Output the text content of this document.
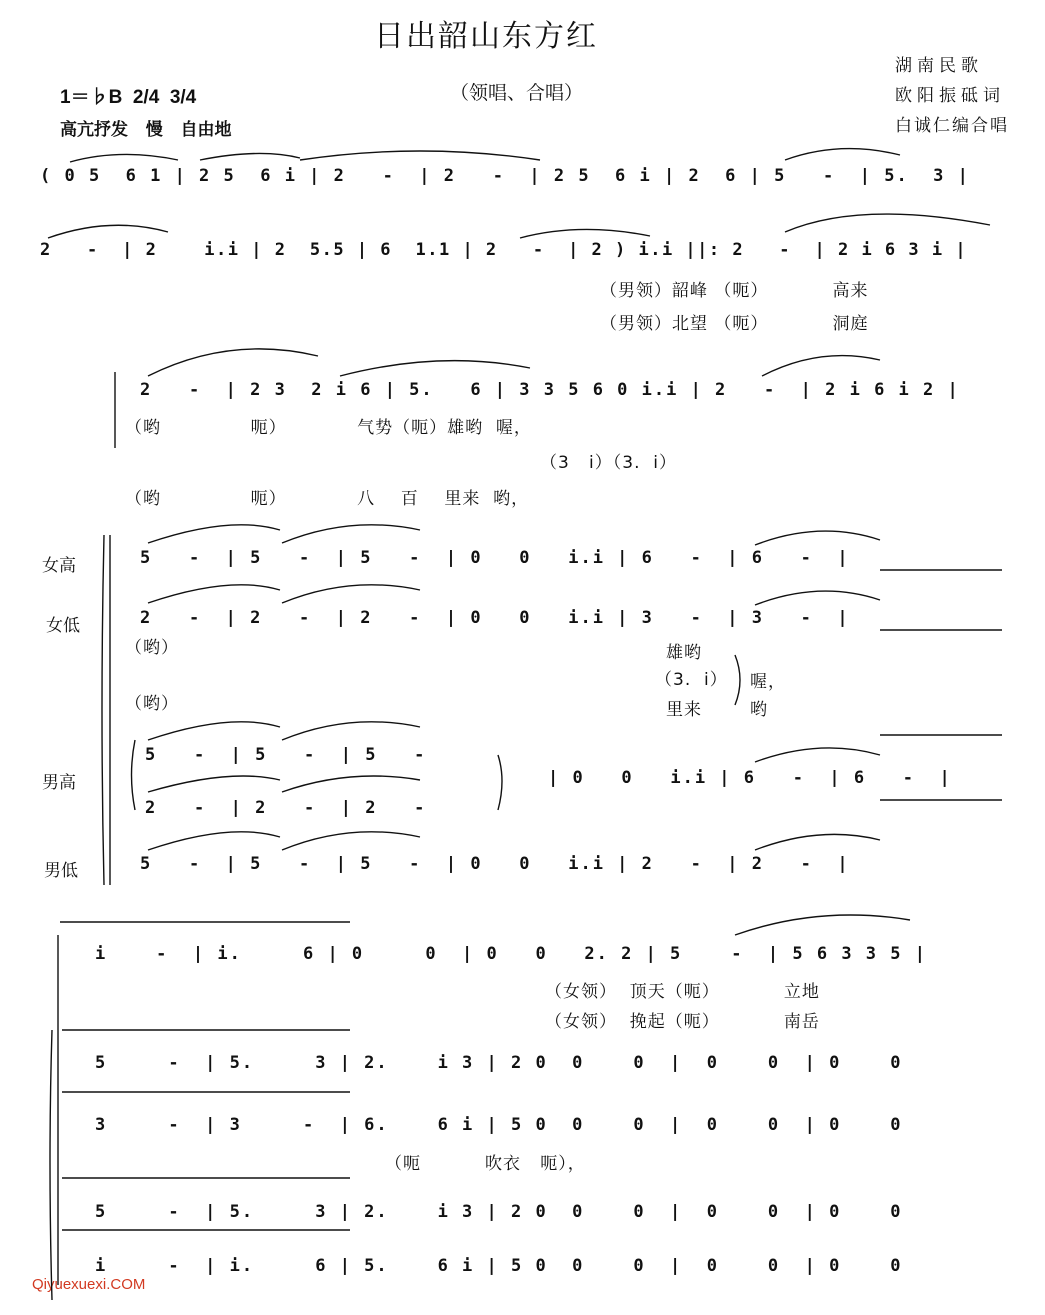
日出韶山东方红
（领唱、合唱）
湖南民歌
欧阳振砥词
白诚仁编合唱
1＝♭B  2/4  3/4
高亢抒发   慢   自由地
( 0 5  6 1 | 2 5  6 i | 2   -  | 2   -  | 2 5  6 i | 2  6 | 5   -  | 5.  3 |
2   -  | 2    i.i | 2  5.5 | 6  1.1 | 2   -  | 2 ) i.i ||: 2   -  | 2 i 6 3 i |
（男领）韶峰 （呃）          高来
（男领）北望 （呃）          洞庭
2   -  | 2 3  2 i 6 | 5.   6 | 3 3 5 6 0 i.i | 2   -  | 2 i 6 i 2 |
（哟              呃）           气势（呃）雄哟  喔，
（3   i）（3.  i）
（哟              呃）           八    百    里来  哟，
女高	5   -  | 5   -  | 5   -  | 0   0   i.i | 6   -  | 6   -  |
女低	2   -  | 2   -  | 2   -  | 0   0   i.i | 3   -  | 3   -  |
（哟）	雄哟
（3.  i） 喔，
（哟）	里来	哟
男高
5   -  | 5   -  | 5   -
2   -  | 2   -  | 2   -
| 0   0   i.i | 6   -  | 6   -  |
男低	5   -  | 5   -  | 5   -  | 0   0   i.i | 2   -  | 2   -  |
i    -  | i.     6 | 0     0  | 0   0   2. 2 | 5    -  | 5 6 3 3 5 |
（女领）  顶天（呃）          立地
（女领）  挽起（呃）          南岳
5     -  | 5.     3 | 2.    i 3 | 2 0  0    0  |  0    0  | 0    0
3     -  | 3     -  | 6.    6 i | 5 0  0    0  |  0    0  | 0    0
（呃          吹衣   呃），
5     -  | 5.     3 | 2.    i 3 | 2 0  0    0  |  0    0  | 0    0
i     -  | i.     6 | 5.    6 i | 5 0  0    0  |  0    0  | 0    0
Qiyuexuexi.COM
